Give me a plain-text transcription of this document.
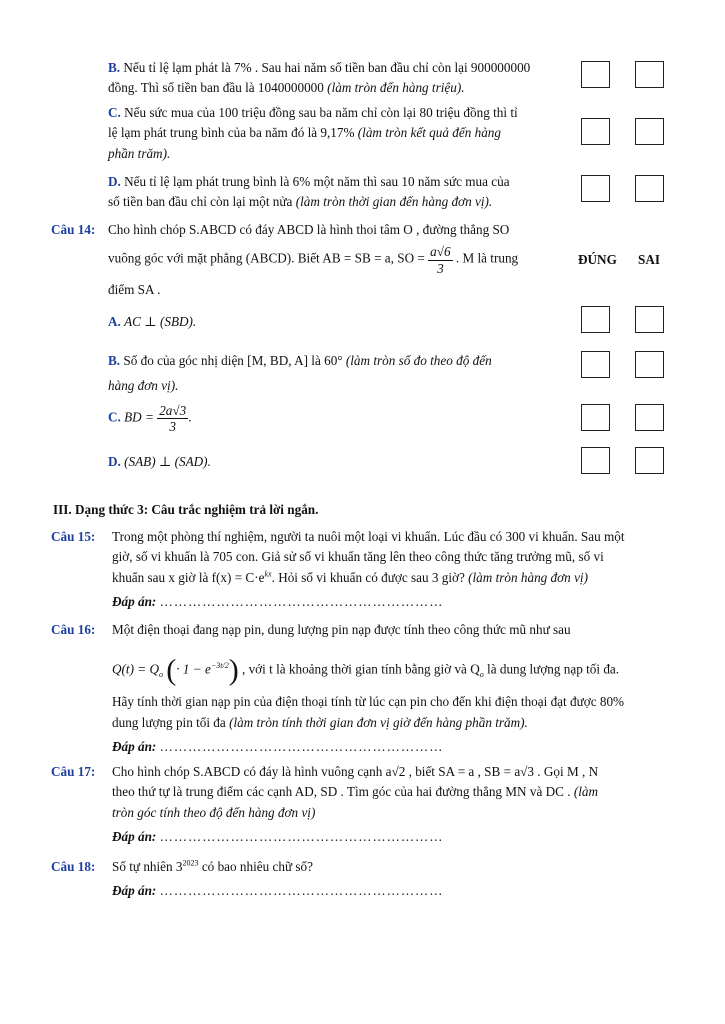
B. Nếu tỉ lệ lạm phát là 7% . Sau hai năm số tiền ban đầu chỉ còn lại 900000000
đồng. Thì số tiền ban đầu là 1040000000 (làm tròn đến hàng triệu).
C. Nếu sức mua của 100 triệu đồng sau ba năm chỉ còn lại 80 triệu đồng thì tỉ
lệ lạm phát trung bình của ba năm đó là 9,17% (làm tròn kết quả đến hàng
phần trăm).
D. Nếu tỉ lệ lạm phát trung bình là 6% một năm thì sau 10 năm sức mua của
số tiền ban đầu chỉ còn lại một nửa (làm tròn thời gian đến hàng đơn vị).
Câu 14: Cho hình chóp S.ABCD có đáy ABCD là hình thoi tâm O , đường thẳng SO
vuông góc với mặt phẳng (ABCD). Biết AB = SB = a, SO = $\frac{a√6}{3}$ . M là trung
điểm SA .
ĐÚNG SAI
A. AC ⊥ (SBD).
B. Số đo của góc nhị diện [M, BD, A] là 60° (làm tròn số đo theo độ đến
hàng đơn vị).
C. BD = $\frac{2a√3}{3}$ .
D. (SAB) ⊥ (SAD).
III. Dạng thức 3: Câu trắc nghiệm trả lời ngắn.
Câu 15: Trong một phòng thí nghiệm, người ta nuôi một loại vi khuẩn. Lúc đầu có 300 vi khuẩn. Sau một
giờ, số vi khuẩn là 705 con. Giả sử số vi khuẩn tăng lên theo công thức tăng trưởng mũ, số vi
khuẩn sau x giờ là $f(x) = C\cdot e^{kx}$. Hỏi số vi khuẩn có được sau 3 giờ? (làm tròn hàng đơn vị)
Đáp án: ……………………………………………………
Câu 16: Một điện thoại đang nạp pin, dung lượng pin nạp được tính theo công thức mũ như sau
$Q(t) = Q_o$ (· $1 - e^{-3t/2}$) , với t là khoảng thời gian tính bằng giờ và $Q_o$ là dung lượng nạp tối đa.
Hãy tính thời gian nạp pin của điện thoại tính từ lúc cạn pin cho đến khi điện thoại đạt được 80%
dung lượng pin tối đa (làm tròn tính thời gian đơn vị giờ đến hàng phần trăm).
Đáp án: ……………………………………………………
Câu 17: Cho hình chóp S.ABCD có đáy là hình vuông cạnh a√2 , biết SA = a , SB = a√3 . Gọi M , N
theo thứ tự là trung điểm các cạnh AD, SD . Tìm góc của hai đường thẳng MN và DC . (làm
tròn góc tính theo độ đến hàng đơn vị)
Đáp án: ……………………………………………………
Câu 18: Số tự nhiên $3^{2023}$ có bao nhiêu chữ số?
Đáp án: ……………………………………………………
